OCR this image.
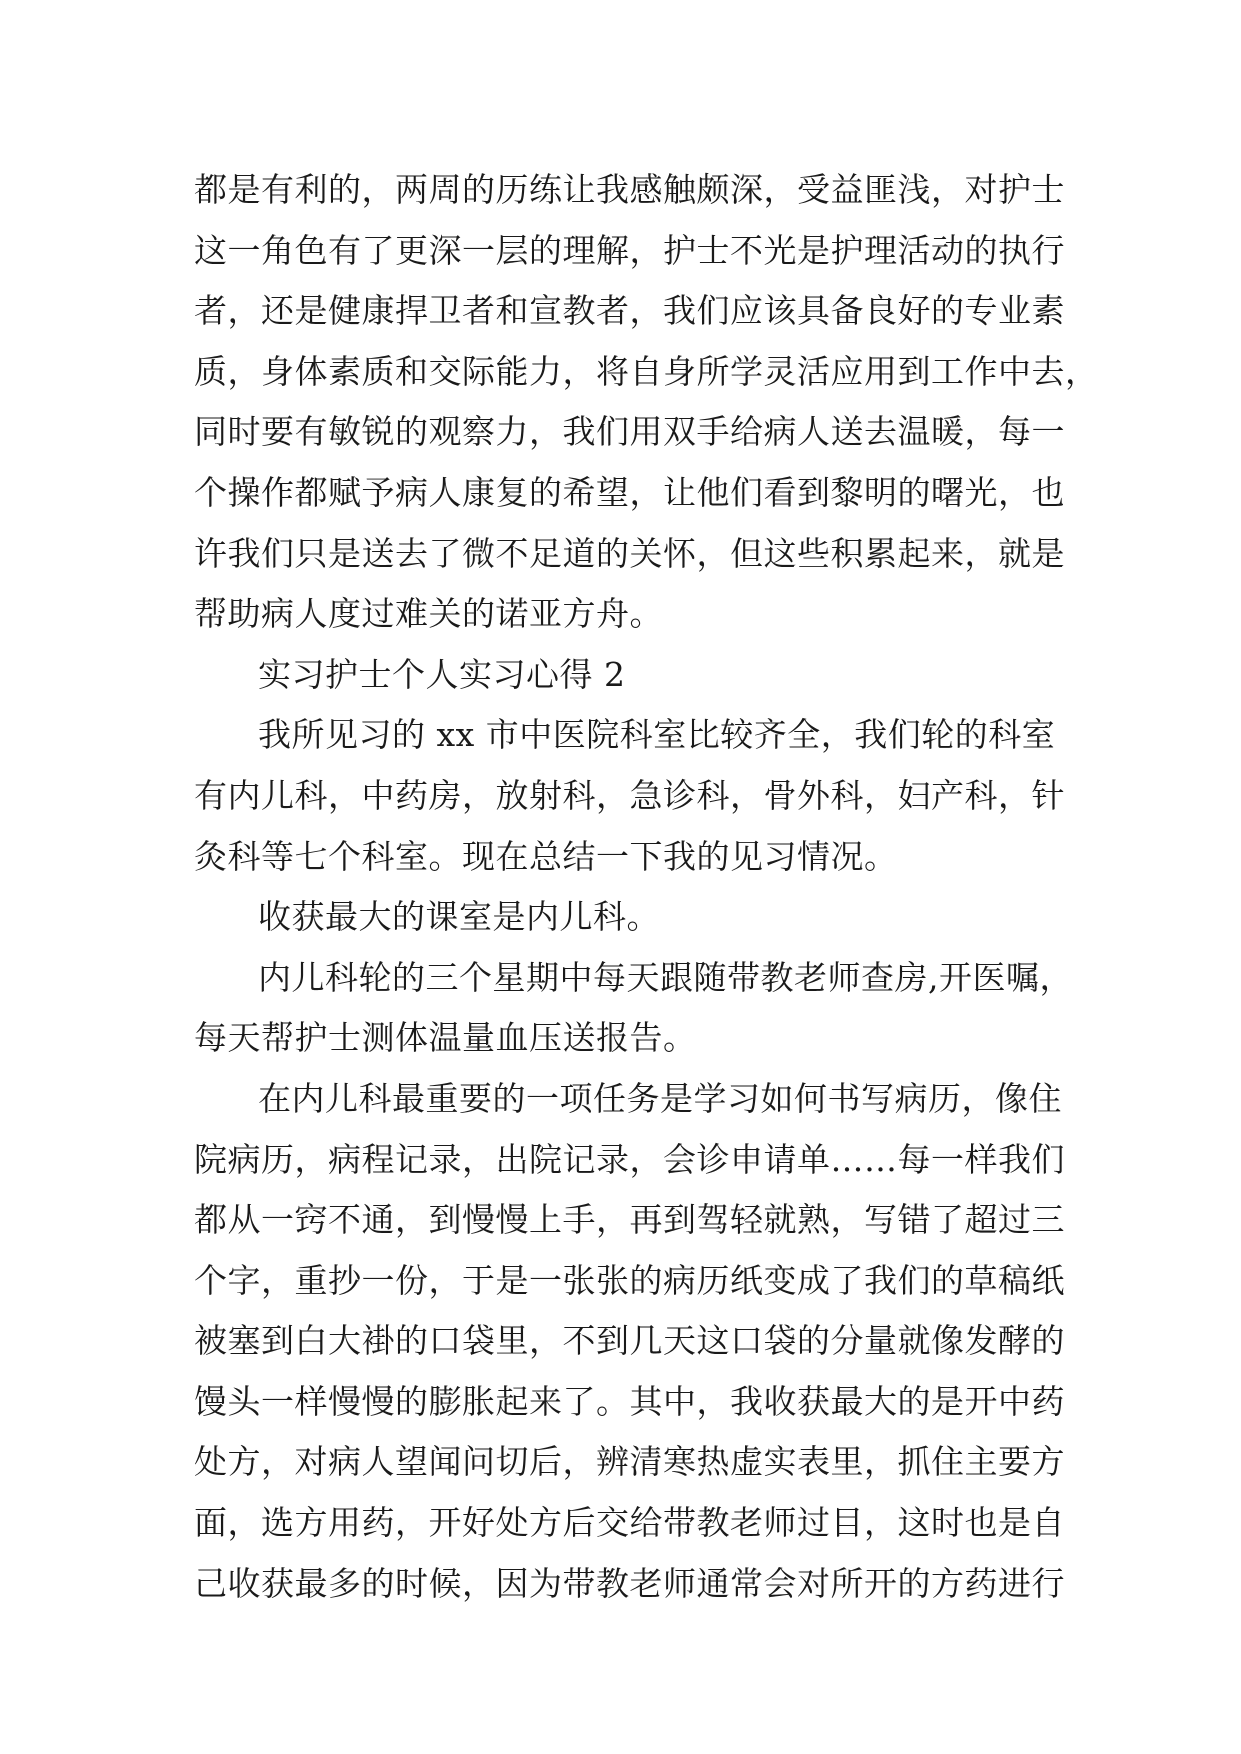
都是有利的，两周的历练让我感触颇深，受益匪浅，对护士
这一角色有了更深一层的理解，护士不光是护理活动的执行
者，还是健康捍卫者和宣教者，我们应该具备良好的专业素
质，身体素质和交际能力，将自身所学灵活应用到工作中去，
同时要有敏锐的观察力，我们用双手给病人送去温暖，每一
个操作都赋予病人康复的希望，让他们看到黎明的曙光，也
许我们只是送去了微不足道的关怀，但这些积累起来，就是
帮助病人度过难关的诺亚方舟。
实习护士个人实习心得 2
我所见习的 xx 市中医院科室比较齐全，我们轮的科室
有内儿科，中药房，放射科，急诊科，骨外科，妇产科，针
灸科等七个科室。现在总结一下我的见习情况。
收获最大的课室是内儿科。
内儿科轮的三个星期中每天跟随带教老师查房,开医嘱，
每天帮护士测体温量血压送报告。
在内儿科最重要的一项任务是学习如何书写病历，像住
院病历，病程记录，出院记录，会诊申请单……每一样我们
都从一窍不通，到慢慢上手，再到驾轻就熟，写错了超过三
个字，重抄一份，于是一张张的病历纸变成了我们的草稿纸
被塞到白大褂的口袋里，不到几天这口袋的分量就像发酵的
馒头一样慢慢的膨胀起来了。其中，我收获最大的是开中药
处方，对病人望闻问切后，辨清寒热虚实表里，抓住主要方
面，选方用药，开好处方后交给带教老师过目，这时也是自
己收获最多的时候，因为带教老师通常会对所开的方药进行
